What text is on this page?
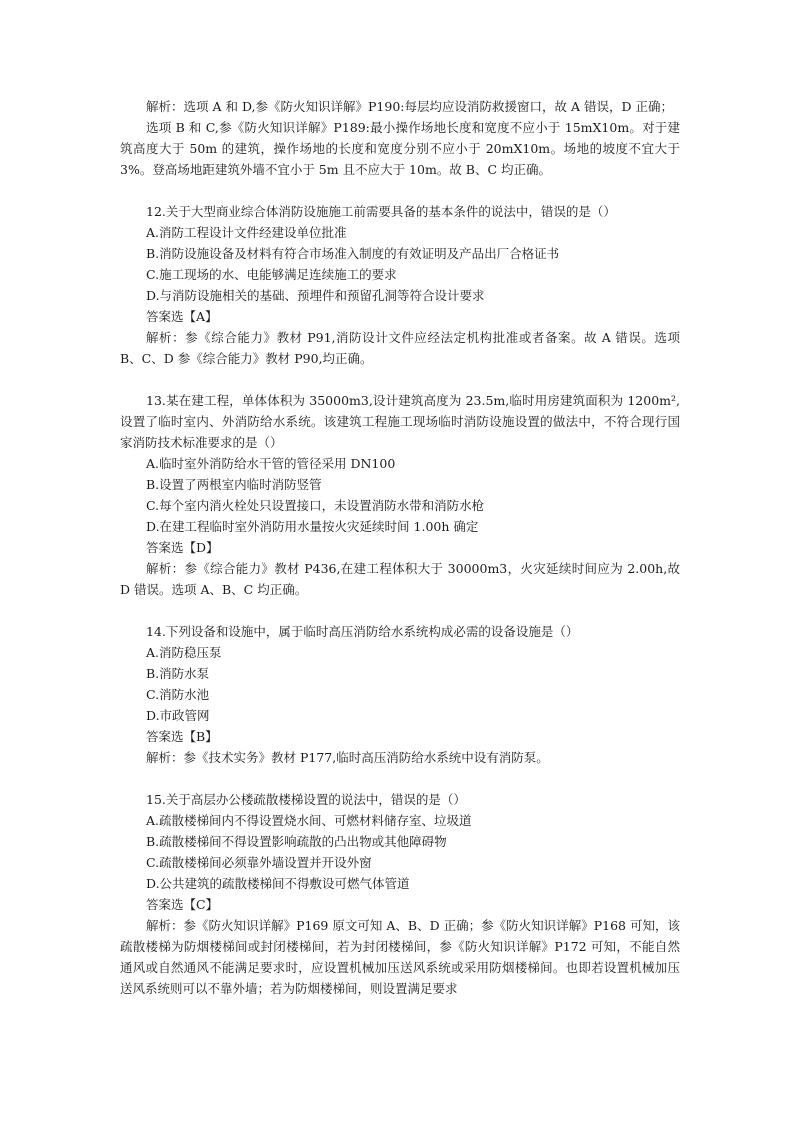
解析：选项 A 和 D,参《防火知识详解》P190:每层均应设消防救援窗口，故 A 错误，D 正确；

选项 B 和 C,参《防火知识详解》P189:最小操作场地长度和宽度不应小于 15mX10m。对于建筑高度大于 50m 的建筑，操作场地的长度和宽度分别不应小于 20mX10m。场地的坡度不宜大于 3%。登高场地距建筑外墙不宜小于 5m 且不应大于 10m。故 B、C 均正确。

12.关于大型商业综合体消防设施施工前需要具备的基本条件的说法中，错误的是（）

A.消防工程设计文件经建设单位批准

B.消防设施设备及材料有符合市场准入制度的有效证明及产品出厂合格证书

C.施工现场的水、电能够满足连续施工的要求

D.与消防设施相关的基础、预埋件和预留孔洞等符合设计要求

答案选【A】

解析：参《综合能力》教材 P91,消防设计文件应经法定机构批准或者备案。故 A 错误。选项 B、C、D 参《综合能力》教材 P90,均正确。

13.某在建工程，单体体积为 35000m3,设计建筑高度为 23.5m,临时用房建筑面积为 1200m²,设置了临时室内、外消防给水系统。该建筑工程施工现场临时消防设施设置的做法中，不符合现行国家消防技术标准要求的是（）

A.临时室外消防给水干管的管径采用 DN100

B.设置了两根室内临时消防竖管

C.每个室内消火栓处只设置接口，未设置消防水带和消防水枪

D.在建工程临时室外消防用水量按火灾延续时间 1.00h 确定

答案选【D】

解析：参《综合能力》教材 P436,在建工程体积大于 30000m3，火灾延续时间应为 2.00h,故 D 错误。选项 A、B、C 均正确。

14.下列设备和设施中，属于临时高压消防给水系统构成必需的设备设施是（）

A.消防稳压泵

B.消防水泵

C.消防水池

D.市政管网

答案选【B】

解析：参《技术实务》教材 P177,临时高压消防给水系统中设有消防泵。

15.关于高层办公楼疏散楼梯设置的说法中，错误的是（）

A.疏散楼梯间内不得设置烧水间、可燃材料储存室、垃圾道

B.疏散楼梯间不得设置影响疏散的凸出物或其他障碍物

C.疏散楼梯间必须靠外墙设置并开设外窗

D.公共建筑的疏散楼梯间不得敷设可燃气体管道

答案选【C】

解析：参《防火知识详解》P169 原文可知 A、B、D 正确；参《防火知识详解》P168 可知，该疏散楼梯为防烟楼梯间或封闭楼梯间，若为封闭楼梯间，参《防火知识详解》P172 可知，不能自然通风或自然通风不能满足要求时，应设置机械加压送风系统或采用防烟楼梯间。也即若设置机械加压送风系统则可以不靠外墙；若为防烟楼梯间，则设置满足要求
